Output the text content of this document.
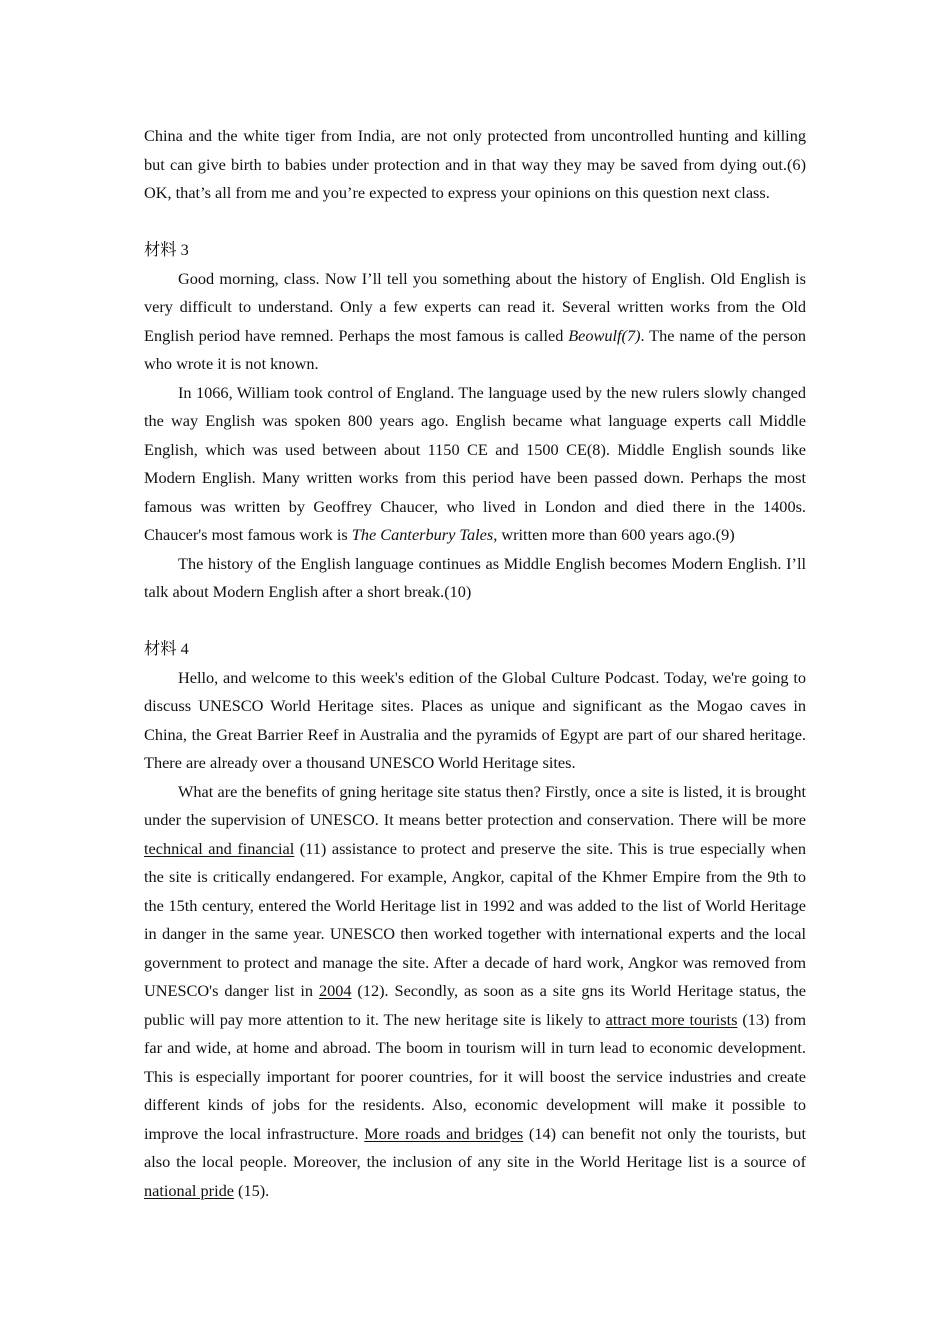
China and the white tiger from India, are not only protected from uncontrolled hunting and killing but can give birth to babies under protection and in that way they may be saved from dying out.(6) OK, that’s all from me and you’re expected to express your opinions on this question next class.

材料 3

Good morning, class. Now I’ll tell you something about the history of English. Old English is very difficult to understand. Only a few experts can read it. Several written works from the Old English period have remned. Perhaps the most famous is called Beowulf(7). The name of the person who wrote it is not known.

In 1066, William took control of England. The language used by the new rulers slowly changed the way English was spoken 800 years ago. English became what language experts call Middle English, which was used between about 1150 CE and 1500 CE(8). Middle English sounds like Modern English. Many written works from this period have been passed down. Perhaps the most famous was written by Geoffrey Chaucer, who lived in London and died there in the 1400s. Chaucer's most famous work is The Canterbury Tales, written more than 600 years ago.(9)

The history of the English language continues as Middle English becomes Modern English. I’ll talk about Modern English after a short break.(10)

材料 4

Hello, and welcome to this week's edition of the Global Culture Podcast. Today, we're going to discuss UNESCO World Heritage sites. Places as unique and significant as the Mogao caves in China, the Great Barrier Reef in Australia and the pyramids of Egypt are part of our shared heritage. There are already over a thousand UNESCO World Heritage sites.

What are the benefits of gning heritage site status then? Firstly, once a site is listed, it is brought under the supervision of UNESCO. It means better protection and conservation. There will be more technical and financial (11) assistance to protect and preserve the site. This is true especially when the site is critically endangered. For example, Angkor, capital of the Khmer Empire from the 9th to the 15th century, entered the World Heritage list in 1992 and was added to the list of World Heritage in danger in the same year. UNESCO then worked together with international experts and the local government to protect and manage the site. After a decade of hard work, Angkor was removed from UNESCO's danger list in 2004 (12). Secondly, as soon as a site gns its World Heritage status, the public will pay more attention to it. The new heritage site is likely to attract more tourists (13) from far and wide, at home and abroad. The boom in tourism will in turn lead to economic development. This is especially important for poorer countries, for it will boost the service industries and create different kinds of jobs for the residents. Also, economic development will make it possible to improve the local infrastructure. More roads and bridges (14) can benefit not only the tourists, but also the local people. Moreover, the inclusion of any site in the World Heritage list is a source of national pride (15).
